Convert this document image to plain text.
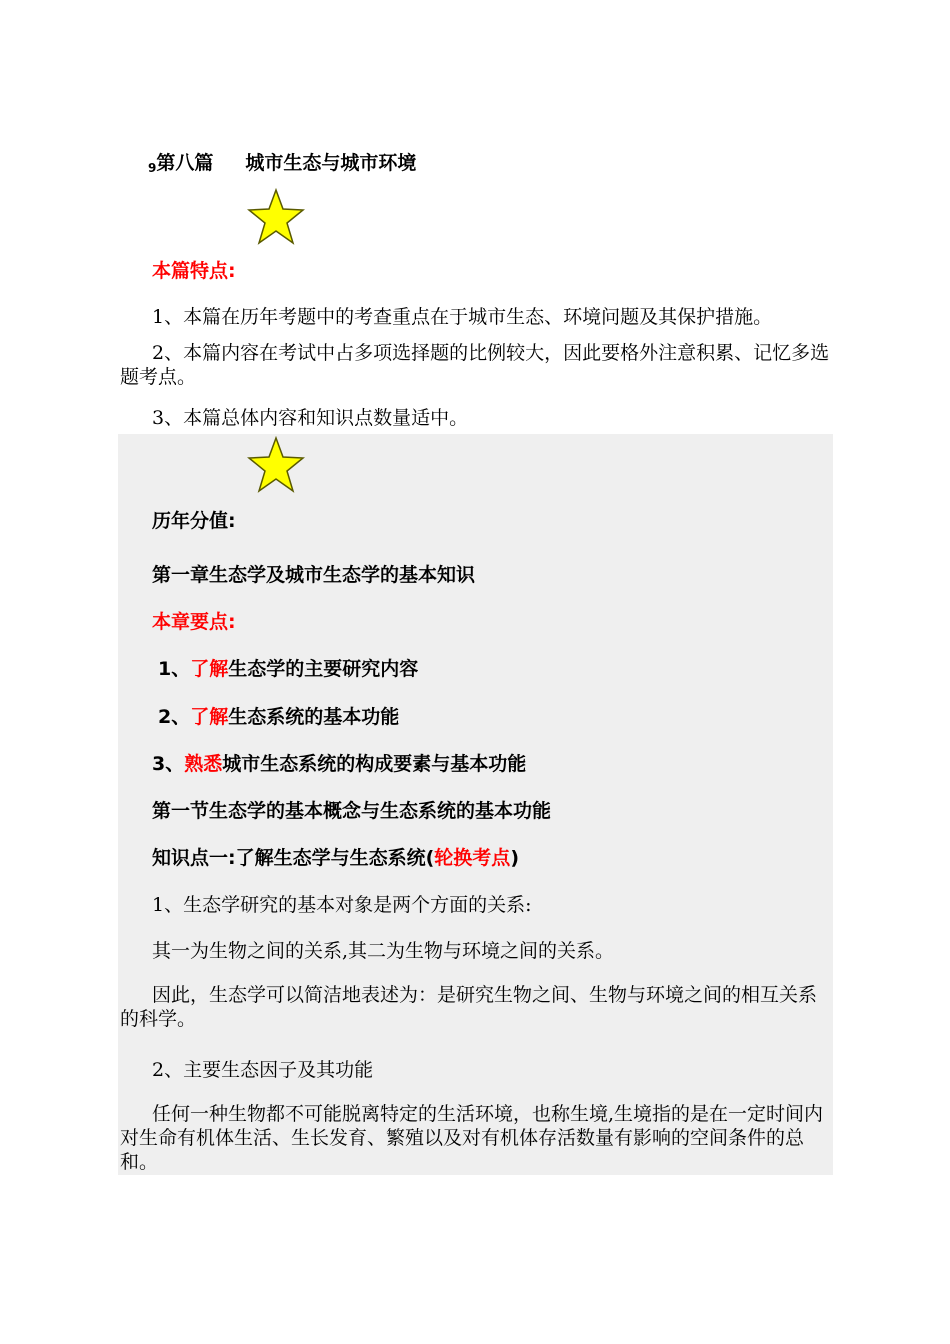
9第八篇 城市生态与城市环境
本篇特点:
1、本篇在历年考题中的考查重点在于城市生态、环境问题及其保护措施。
2、本篇内容在考试中占多项选择题的比例较大，因此要格外注意积累、记忆多选题考点。
3、本篇总体内容和知识点数量适中。
历年分值:
第一章生态学及城市生态学的基本知识
本章要点:
1、了解生态学的主要研究内容
2、了解生态系统的基本功能
3、熟悉城市生态系统的构成要素与基本功能
第一节生态学的基本概念与生态系统的基本功能
知识点一:了解生态学与生态系统(轮换考点)
1、生态学研究的基本对象是两个方面的关系:
其一为生物之间的关系,其二为生物与环境之间的关系。
因此，生态学可以简洁地表述为：是研究生物之间、生物与环境之间的相互关系的科学。
2、主要生态因子及其功能
任何一种生物都不可能脱离特定的生活环境，也称生境,生境指的是在一定时间内对生命有机体生活、生长发育、繁殖以及对有机体存活数量有影响的空间条件的总和。
